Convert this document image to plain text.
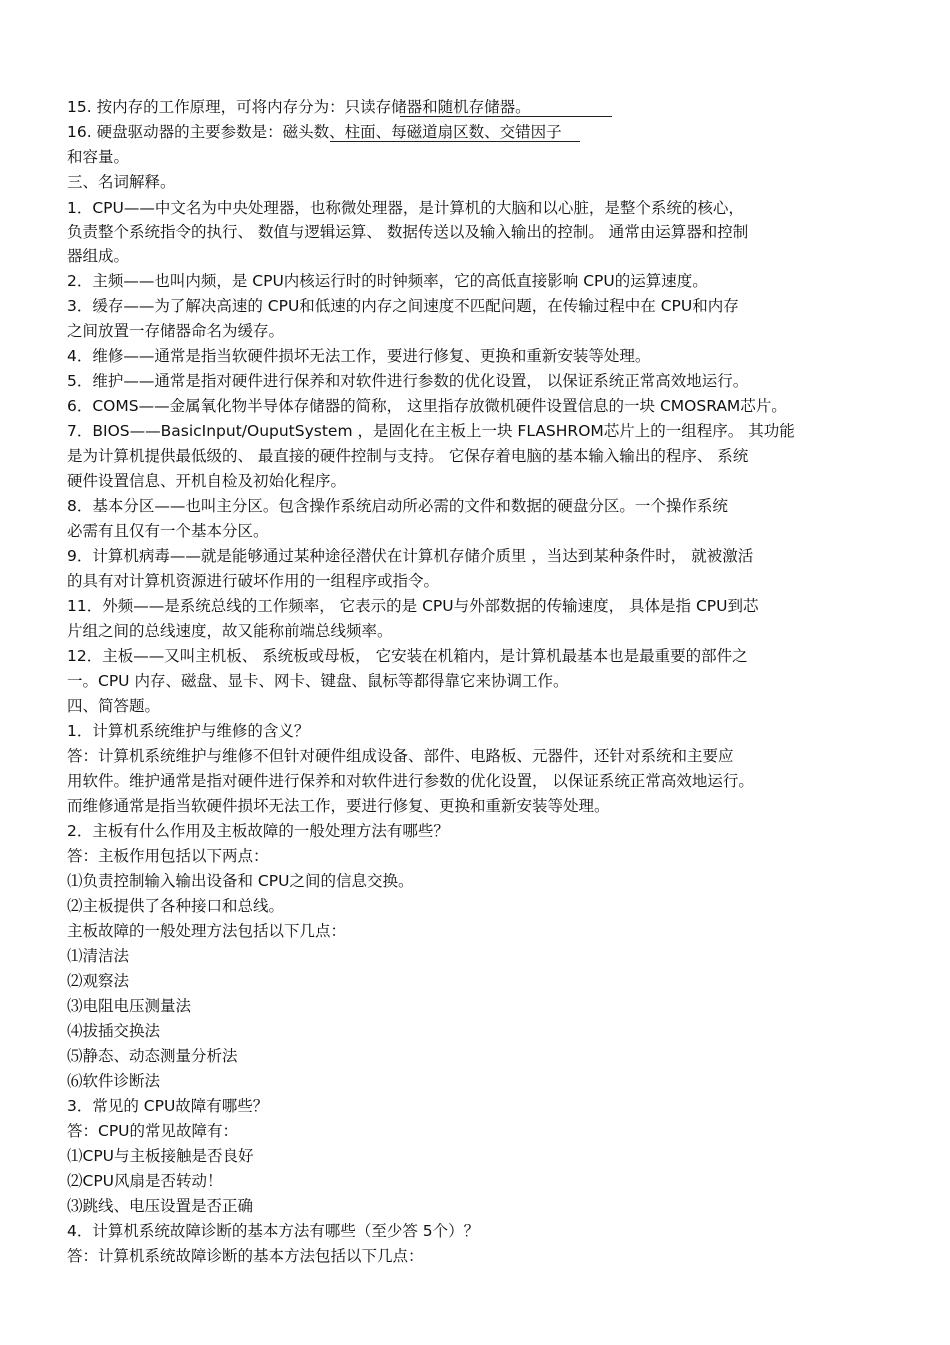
15. 按内存的工作原理，可将内存分为：只读存储器和随机存储器。
16. 硬盘驱动器的主要参数是：磁头数、柱面、每磁道扇区数、交错因子
和容量。
三、名词解释。
1．CPU——中文名为中央处理器，也称微处理器，是计算机的大脑和以心脏，是整个系统的核心，
负责整个系统指令的执行、 数值与逻辑运算、 数据传送以及输入输出的控制。 通常由运算器和控制
器组成。
2．主频——也叫内频，是 CPU内核运行时的时钟频率，它的高低直接影响 CPU的运算速度。
3．缓存——为了解决高速的 CPU和低速的内存之间速度不匹配问题，在传输过程中在 CPU和内存
之间放置一存储器命名为缓存。
4．维修——通常是指当软硬件损坏无法工作，要进行修复、更换和重新安装等处理。
5．维护——通常是指对硬件进行保养和对软件进行参数的优化设置， 以保证系统正常高效地运行。
6．COMS——金属氧化物半导体存储器的简称， 这里指存放微机硬件设置信息的一块 CMOSRAM芯片。
7．BIOS——BasicInput/OuputSystem ，是固化在主板上一块 FLASHROM芯片上的一组程序。 其功能
是为计算机提供最低级的、 最直接的硬件控制与支持。 它保存着电脑的基本输入输出的程序、 系统
硬件设置信息、开机自检及初始化程序。
8．基本分区——也叫主分区。包含操作系统启动所必需的文件和数据的硬盘分区。一个操作系统
必需有且仅有一个基本分区。
9．计算机病毒——就是能够通过某种途径潜伏在计算机存储介质里 ，当达到某种条件时， 就被激活
的具有对计算机资源进行破坏作用的一组程序或指令。
11．外频——是系统总线的工作频率， 它表示的是 CPU与外部数据的传输速度， 具体是指 CPU到芯
片组之间的总线速度，故又能称前端总线频率。
12．主板——又叫主机板、 系统板或母板， 它安装在机箱内，是计算机最基本也是最重要的部件之
一。CPU 内存、磁盘、显卡、网卡、键盘、鼠标等都得靠它来协调工作。
四、简答题。
1．计算机系统维护与维修的含义？
答：计算机系统维护与维修不但针对硬件组成设备、部件、电路板、元器件，还针对系统和主要应
用软件。维护通常是指对硬件进行保养和对软件进行参数的优化设置， 以保证系统正常高效地运行。
而维修通常是指当软硬件损坏无法工作，要进行修复、更换和重新安装等处理。
2．主板有什么作用及主板故障的一般处理方法有哪些？
答：主板作用包括以下两点：
⑴负责控制输入输出设备和 CPU之间的信息交换。
⑵主板提供了各种接口和总线。
主板故障的一般处理方法包括以下几点：
⑴清洁法
⑵观察法
⑶电阻电压测量法
⑷拔插交换法
⑸静态、动态测量分析法
⑹软件诊断法
3．常见的 CPU故障有哪些？
答：CPU的常见故障有：
⑴CPU与主板接触是否良好
⑵CPU风扇是否转动！
⑶跳线、电压设置是否正确
4．计算机系统故障诊断的基本方法有哪些（至少答 5个）？
答：计算机系统故障诊断的基本方法包括以下几点：
